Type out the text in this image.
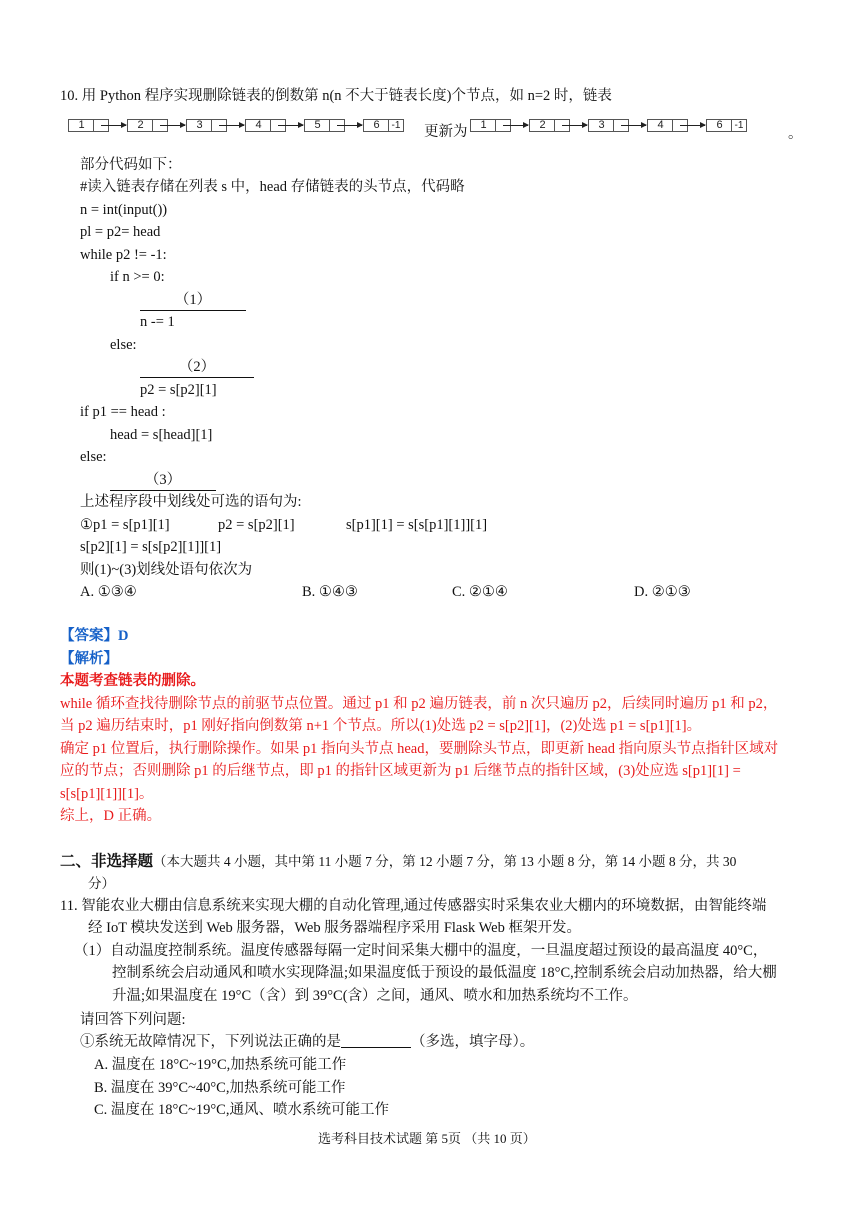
10. 用 Python 程序实现删除链表的倒数第 n(n 不大于链表长度)个节点，如 n=2 时，链表
1	2	3	4	5	6	-1 更新为	1	2	3	4	6	-1
。
部分代码如下：
#读入链表存储在列表 s 中，head 存储链表的头节点，代码略
n = int(input())
pl = p2= head
while p2 != -1:
if n >= 0:
（1）
n -= 1
else:
（2）
p2 = s[p2][1]
if p1 == head :
head = s[head][1]
else:
（3）
上述程序段中划线处可选的语句为:
①p1 = s[p1][1]	p2 = s[p2][1]	s[p1][1] = s[s[p1][1]][1]
s[p2][1] = s[s[p2][1]][1]
则(1)~(3)划线处语句依次为
A. ①③④	B. ①④③	C. ②①④	D. ②①③
【答案】D
【解析】
本题考查链表的删除。
while 循环查找待删除节点的前驱节点位置。通过 p1 和 p2 遍历链表，前 n 次只遍历 p2，后续同时遍历 p1 和 p2，
当 p2 遍历结束时，p1 刚好指向倒数第 n+1 个节点。所以(1)处选 p2 = s[p2][1]，(2)处选 p1 = s[p1][1]。
确定 p1 位置后，执行删除操作。如果 p1 指向头节点 head，要删除头节点，即更新 head 指向原头节点指针区域对
应的节点；否则删除 p1 的后继节点，即 p1 的指针区域更新为 p1 后继节点的指针区域，(3)处应选 s[p1][1] =
s[s[p1][1]][1]。
综上，D 正确。
二、非选择题（本大题共 4 小题，其中第 11 小题 7 分，第 12 小题 7 分，第 13 小题 8 分，第 14 小题 8 分，共 30
分）
11. 智能农业大棚由信息系统来实现大棚的自动化管理,通过传感器实时采集农业大棚内的环境数据，由智能终端
经 IoT 模块发送到 Web 服务器，Web 服务器端程序采用 Flask Web 框架开发。
（1）自动温度控制系统。温度传感器每隔一定时间采集大棚中的温度，一旦温度超过预设的最高温度 40°C，
控制系统会启动通风和喷水实现降温;如果温度低于预设的最低温度 18°C,控制系统会启动加热器，给大棚
升温;如果温度在 19°C（含）到 39°C(含）之间，通风、喷水和加热系统均不工作。
请回答下列问题:
①系统无故障情况下，下列说法正确的是	（多选，填字母）。
A. 温度在 18°C~19°C,加热系统可能工作
B. 温度在 39°C~40°C,加热系统可能工作
C. 温度在 18°C~19°C,通风、喷水系统可能工作
选考科目技术试题 第 5页 （共 10 页）
